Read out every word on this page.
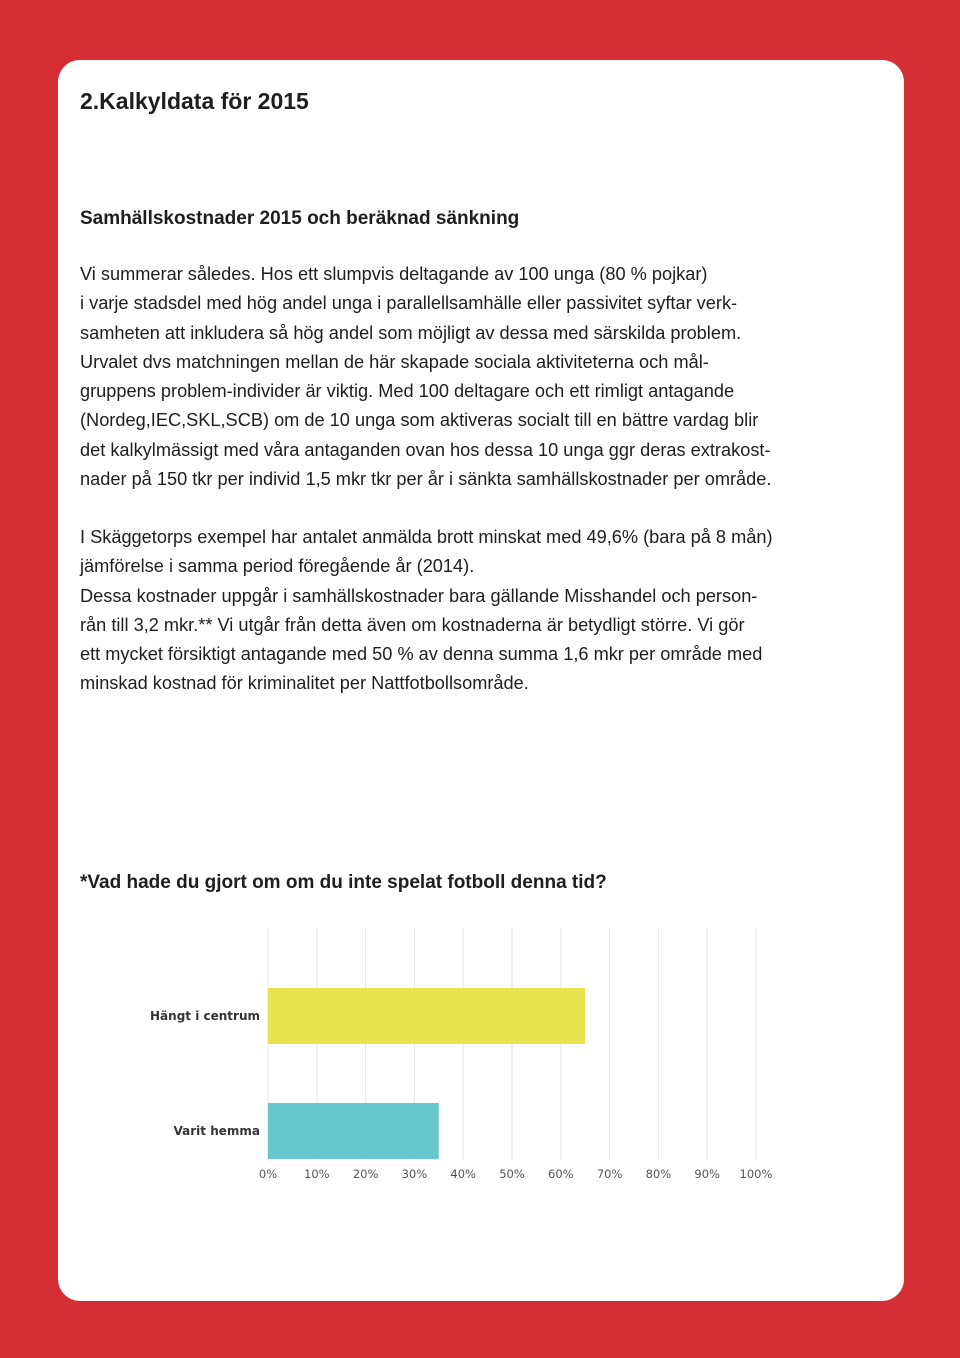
2.Kalkyldata för 2015
Samhällskostnader 2015 och beräknad sänkning

Vi summerar således. Hos ett slumpvis deltagande av 100 unga (80 % pojkar)
i varje stadsdel med hög andel unga i parallellsamhälle eller passivitet syftar verk-
samheten att inkludera så hög andel som möjligt av dessa med särskilda problem.
Urvalet dvs matchningen mellan de här skapade sociala aktiviteterna och mål-
gruppens problem-individer är viktig. Med 100 deltagare och ett rimligt antagande
(Nordeg,IEC,SKL,SCB) om de 10 unga som aktiveras socialt till en bättre vardag blir
det kalkylmässigt med våra antaganden ovan hos dessa 10 unga ggr deras extrakost-
nader på 150 tkr per individ 1,5 mkr tkr per år i sänkta samhällskostnader per område.

I Skäggetorps exempel har antalet anmälda brott minskat med 49,6% (bara på 8 mån)
jämförelse i samma period föregående år (2014).
Dessa kostnader uppgår i samhällskostnader bara gällande Misshandel och person-
rån till 3,2 mkr.** Vi utgår från detta även om kostnaderna är betydligt större. Vi gör
ett mycket försiktigt antagande med 50 % av denna summa 1,6 mkr per område med
minskad kostnad för kriminalitet per Nattfotbollsområde.

*Vad hade du gjort om om du inte spelat fotboll denna tid?
0% 10% 20% 30% 40% 50% 60% 70% 80% 90% 100%
Hängt i centrum
Varit hemma
